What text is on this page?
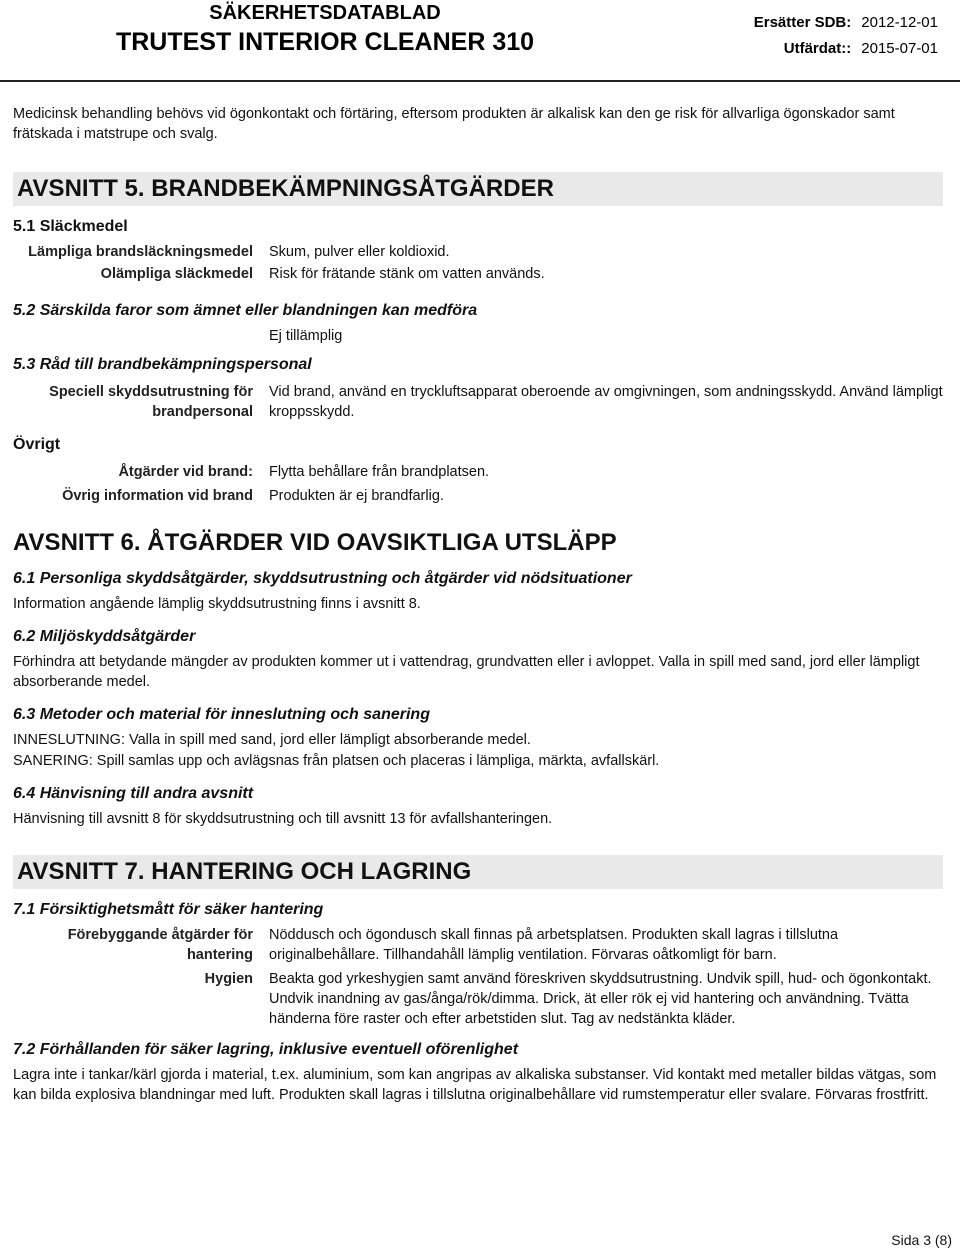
SÄKERHETSDATABLAD
TRUTEST INTERIOR CLEANER 310
Ersätter SDB: 2012-12-01
Utfärdat:: 2015-07-01

Medicinsk behandling behövs vid ögonkontakt och förtäring, eftersom produkten är alkalisk kan den ge risk för allvarliga ögonskador samt frätskada i matstrupe och svalg.

AVSNITT 5. BRANDBEKÄMPNINGSÅTGÄRDER
5.1 Släckmedel
Lämpliga brandsläckningsmedel Skum, pulver eller koldioxid.
Olämpliga släckmedel Risk för frätande stänk om vatten används.
5.2 Särskilda faror som ämnet eller blandningen kan medföra
Ej tillämplig
5.3 Råd till brandbekämpningspersonal
Speciell skyddsutrustning för brandpersonal
Vid brand, använd en tryckluftsapparat oberoende av omgivningen, som andningsskydd. Använd lämpligt kroppsskydd.
Övrigt
Åtgärder vid brand: Flytta behållare från brandplatsen.
Övrig information vid brand Produkten är ej brandfarlig.
AVSNITT 6. ÅTGÄRDER VID OAVSIKTLIGA UTSLÄPP
6.1 Personliga skyddsåtgärder, skyddsutrustning och åtgärder vid nödsituationer

Information angående lämplig skyddsutrustning finns i avsnitt 8.

6.2 Miljöskyddsåtgärder

Förhindra att betydande mängder av produkten kommer ut i vattendrag, grundvatten eller i avloppet. Valla in spill med sand, jord eller lämpligt absorberande medel.

6.3 Metoder och material för inneslutning och sanering

INNESLUTNING: Valla in spill med sand, jord eller lämpligt absorberande medel.

SANERING: Spill samlas upp och avlägsnas från platsen och placeras i lämpliga, märkta, avfallskärl.

6.4 Hänvisning till andra avsnitt

Hänvisning till avsnitt 8 för skyddsutrustning och till avsnitt 13 för avfallshanteringen.

AVSNITT 7. HANTERING OCH LAGRING
7.1 Försiktighetsmått för säker hantering
Förebyggande åtgärder för hantering
Nöddusch och ögondusch skall finnas på arbetsplatsen. Produkten skall lagras i tillslutna originalbehållare. Tillhandahåll lämplig ventilation. Förvaras oåtkomligt för barn.
Hygien Beakta god yrkeshygien samt använd föreskriven skyddsutrustning. Undvik spill, hud- och ögonkontakt. Undvik inandning av gas/ånga/rök/dimma. Drick, ät eller rök ej vid hantering och användning. Tvätta händerna före raster och efter arbetstiden slut. Tag av nedstänkta kläder.
7.2 Förhållanden för säker lagring, inklusive eventuell oförenlighet

Lagra inte i tankar/kärl gjorda i material, t.ex. aluminium, som kan angripas av alkaliska substanser. Vid kontakt med metaller bildas vätgas, som kan bilda explosiva blandningar med luft. Produkten skall lagras i tillslutna originalbehållare vid rumstemperatur eller svalare. Förvaras frostfritt.

Sida 3 (8)
